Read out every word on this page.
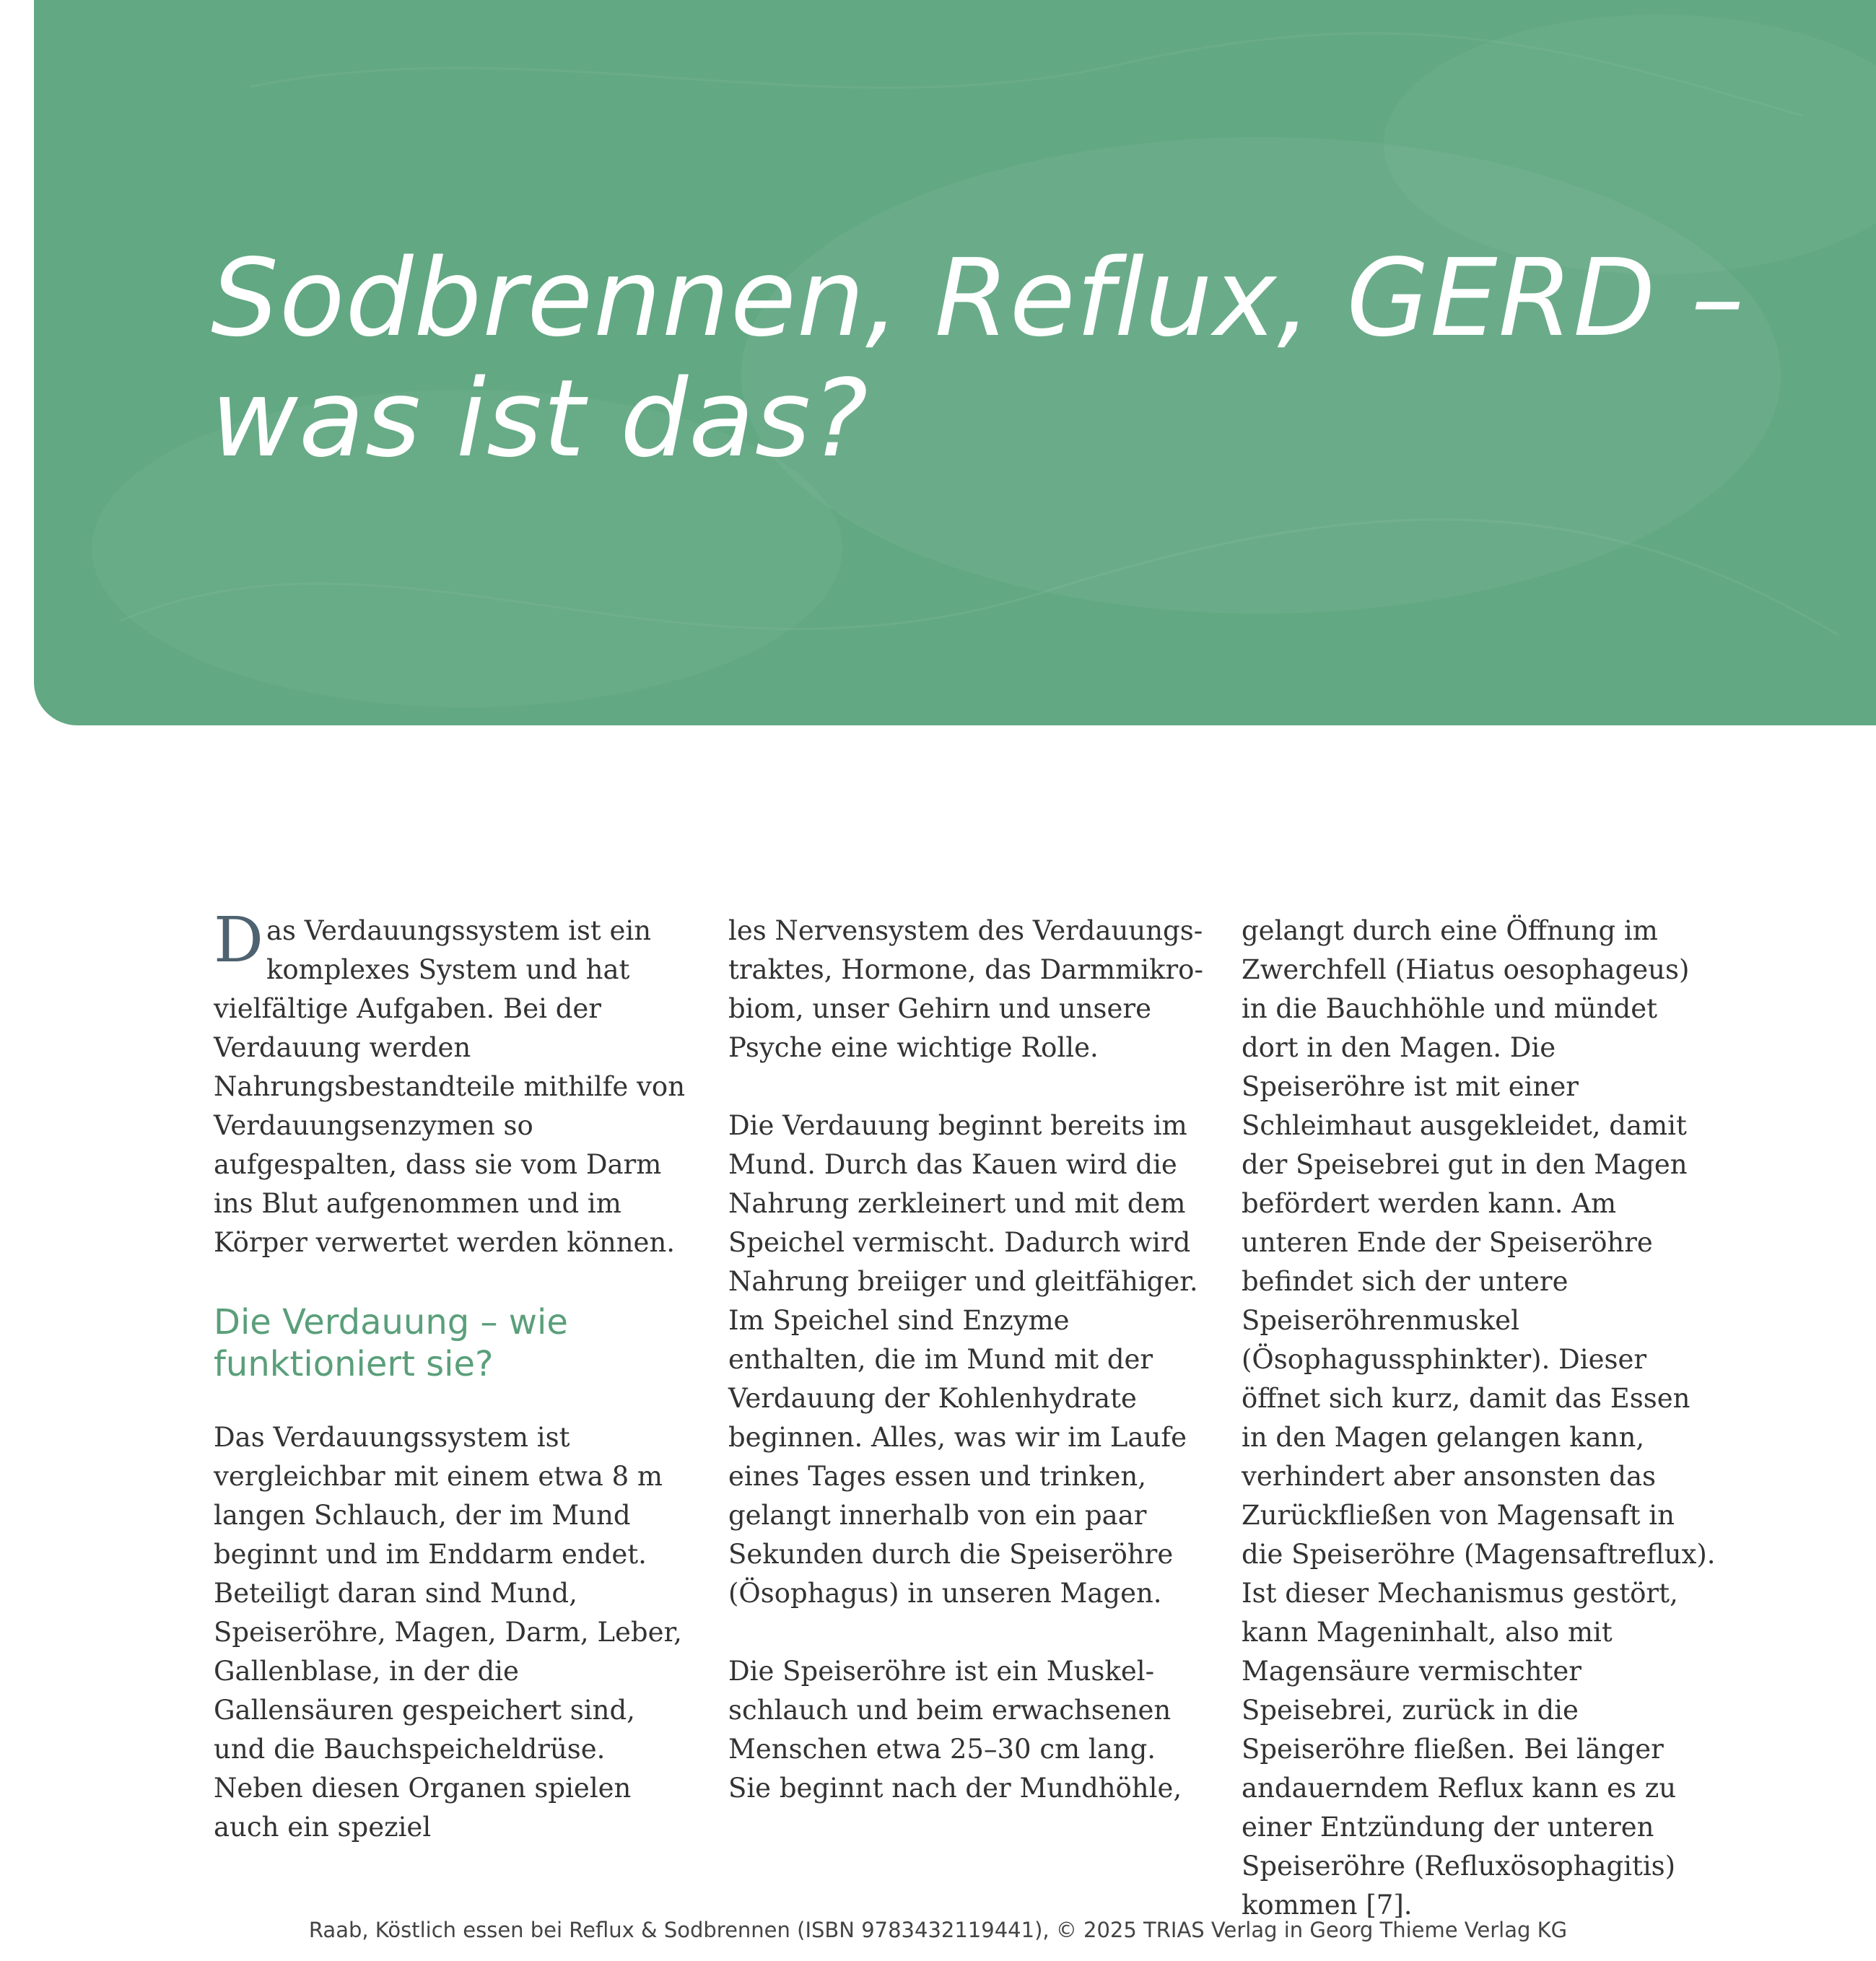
Sodbrennen, Reflux, GERD –
was ist das?

Das Verdauungssystem ist ein komplexes System und hat vielfältige Aufgaben. Bei der Verdauung werden Nahrungsbestandteile mithilfe von Verdauungsenzymen so aufgespalten, dass sie vom Darm ins Blut aufgenommen und im Körper verwertet werden können.

Die Verdauung – wie funktioniert sie?

Das Verdauungssystem ist vergleichbar mit einem etwa 8 m langen Schlauch, der im Mund beginnt und im Enddarm endet. Beteiligt daran sind Mund, Speiseröhre, Magen, Darm, Leber, Gallenblase, in der die Gallensäuren gespeichert sind, und die Bauchspeicheldrüse. Neben diesen Organen spielen auch ein speziel

les Nervensystem des Verdauungstraktes, Hormone, das Darmmikrobiom, unser Gehirn und unsere Psyche eine wichtige Rolle.

Die Verdauung beginnt bereits im Mund. Durch das Kauen wird die Nahrung zerkleinert und mit dem Speichel vermischt. Dadurch wird Nahrung breiiger und gleitfähiger. Im Speichel sind Enzyme enthalten, die im Mund mit der Verdauung der Kohlenhydrate beginnen. Alles, was wir im Laufe eines Tages essen und trinken, gelangt innerhalb von ein paar Sekunden durch die Speiseröhre (Ösophagus) in unseren Magen.

Die Speiseröhre ist ein Muskelschlauch und beim erwachsenen Menschen etwa 25–30 cm lang. Sie beginnt nach der Mundhöhle,

gelangt durch eine Öffnung im Zwerchfell (Hiatus oesophageus) in die Bauchhöhle und mündet dort in den Magen. Die Speiseröhre ist mit einer Schleimhaut ausgekleidet, damit der Speisebrei gut in den Magen befördert werden kann. Am unteren Ende der Speiseröhre befindet sich der untere Speiseröhrenmuskel (Ösophagussphinkter). Dieser öffnet sich kurz, damit das Essen in den Magen gelangen kann, verhindert aber ansonsten das Zurückfließen von Magensaft in die Speiseröhre (Magensaftreflux). Ist dieser Mechanismus gestört, kann Mageninhalt, also mit Magensäure vermischter Speisebrei, zurück in die Speiseröhre fließen. Bei länger andauerndem Reflux kann es zu einer Entzündung der unteren Speiseröhre (Refluxösophagitis) kommen [7].

Raab, Köstlich essen bei Reflux & Sodbrennen (ISBN 9783432119441), © 2025 TRIAS Verlag in Georg Thieme Verlag KG
